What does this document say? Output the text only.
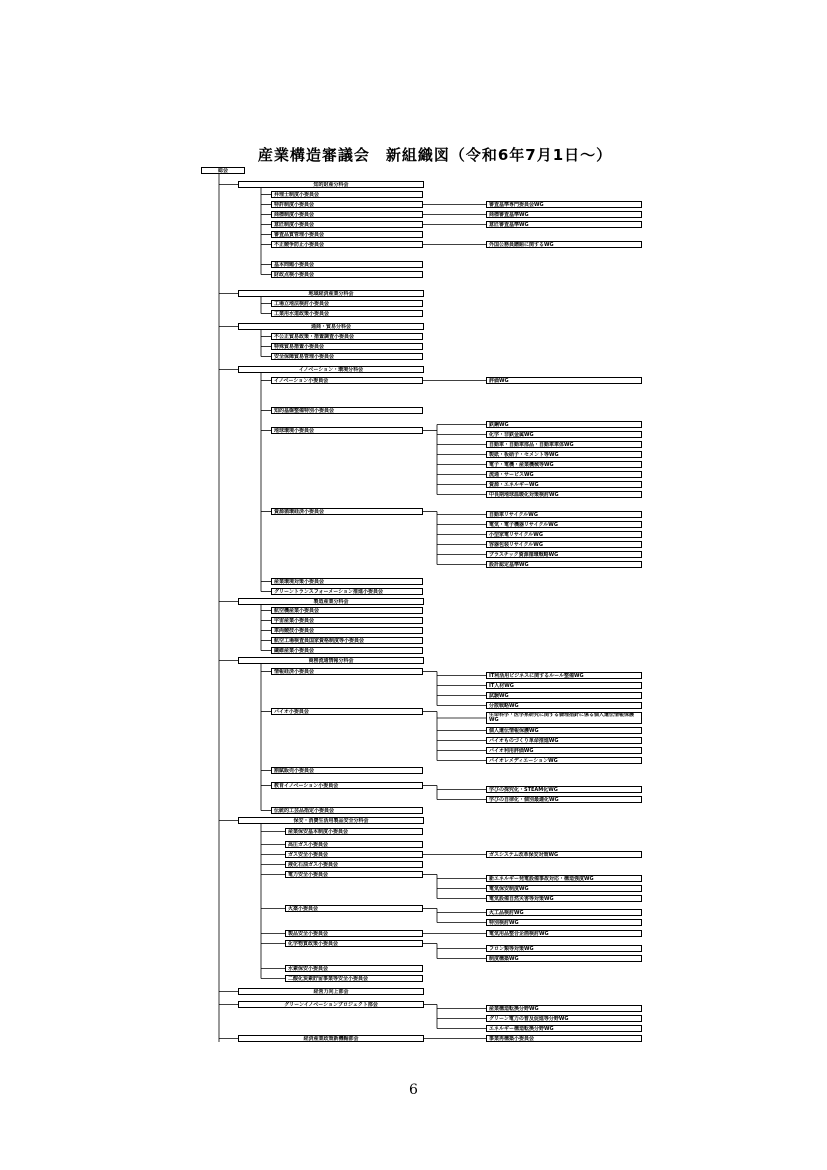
産業構造審議会　新組織図（令和6年7月1日〜）
総会
知的財産分科会
弁理士制度小委員会
特許制度小委員会	審査基準専門委員会WG
商標制度小委員会	商標審査基準WG
意匠制度小委員会	意匠審査基準WG
審査品質管理小委員会
不正競争防止小委員会	外国公務員贈賄に関するWG
基本問題小委員会
財政点検小委員会
地域経済産業分科会
工場立地法検討小委員会
工業用水道政策小委員会
通商・貿易分科会
不公正貿易政策・措置調査小委員会
特殊貿易措置小委員会
安全保障貿易管理小委員会
イノベーション・環境分科会
イノベーション小委員会	評価WG
知的基盤整備特別小委員会
地球環境小委員会
鉄鋼WG
化学・非鉄金属WG
自動車・自動車部品・自動車車体WG
製紙・板硝子・セメント等WG
電子・電機・産業機械等WG
流通・サービスWG
資源・エネルギーWG
中長期地球温暖化対策検討WG
資源循環経済小委員会	自動車リサイクルWG
電気・電子機器リサイクルWG
小型家電リサイクルWG
容器包装リサイクルWG
プラスチック資源循環戦略WG
設計認定基準WG
産業環境対策小委員会
グリーントランスフォーメーション推進小委員会
製造産業分科会
航空機産業小委員会
宇宙産業小委員会
車両競技小委員会
航空工場検査員国家資格制度等小委員会
繊維産業小委員会
商務流通情報分科会
情報経済小委員会
IT利活用ビジネスに関するルール整備WG
IT人材WG
試験WG
分散戦略WG
バイオ小委員会	生命科学・医学系研究に関する倫理指針に係る個人遺伝情報保護WG
個人遺伝情報保護WG
バイオものづくり革命推進WG
バイオ利用評価WG
バイオレメディエーションWG
割賦販売小委員会
教育イノベーション小委員会
学びの探究化・STEAM化WG
学びの自律化・個別最適化WG
伝統的工芸品指定小委員会
保安・消費生活用製品安全分科会
産業保安基本制度小委員会
高圧ガス小委員会
ガス安全小委員会	ガスシステム改革保安対策WG
液化石油ガス小委員会
電力安全小委員会
新エネルギー発電設備事故対応・構造強度WG
電気保安制度WG
電気設備自然災害等対策WG
火薬小委員会
火工品検討WG
特別検討WG
製品安全小委員会	電気用品整合企画検討WG
化学物質政策小委員会
フロン類等対策WG
制度構築WG
水素保安小委員会
二酸化炭素貯留事業等安全小委員会
経営力向上部会
グリーンイノベーションプロジェクト部会
産業構造転換分野WG
グリーン電力の普及促進等分野WG
エネルギー構造転換分野WG
経済産業政策新機軸部会	事業再構築小委員会
6
